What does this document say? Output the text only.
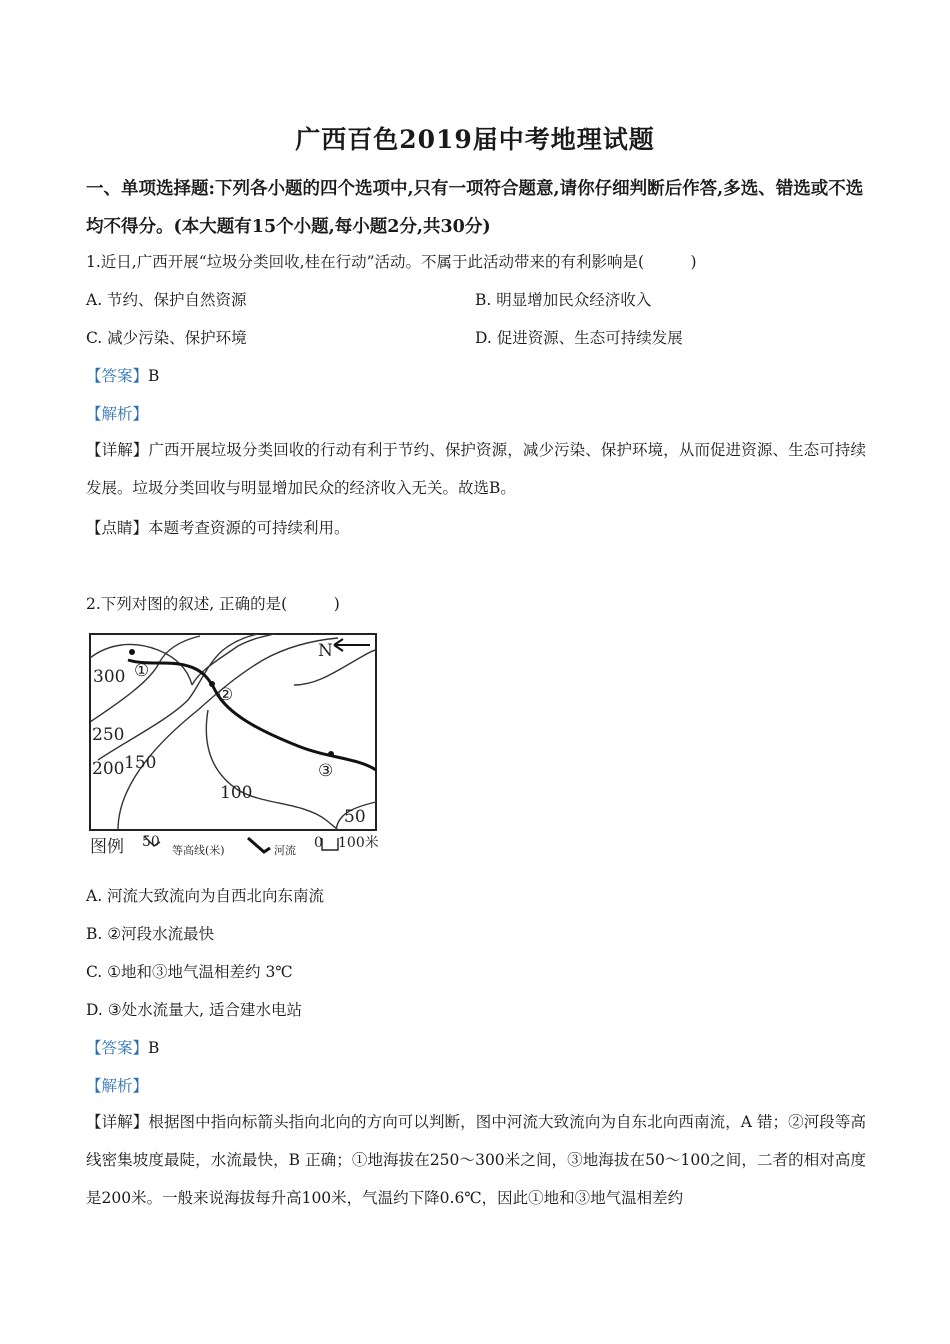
广西百色2019届中考地理试题
一、单项选择题:下列各小题的四个选项中,只有一项符合题意,请你仔细判断后作答,多选、错选或不选均不得分。(本大题有15个小题,每小题2分,共30分)
1.近日,广西开展“垃圾分类回收,桂在行动”活动。不属于此活动带来的有利影响是(　　　)
A. 节约、保护自然资源	B. 明显增加民众经济收入
C. 减少污染、保护环境	D. 促进资源、生态可持续发展
【答案】B
【解析】
【详解】广西开展垃圾分类回收的行动有利于节约、保护资源，减少污染、保护环境，从而促进资源、生态可持续发展。垃圾分类回收与明显增加民众的经济收入无关。故选B。
【点睛】本题考查资源的可持续利用。
2.下列对图的叙述, 正确的是(　　　)
①
②
③
300
250
200 150
100
50
N
图例 50
等高线(米)	河流 0 100米
A. 河流大致流向为自西北向东南流
B. ②河段水流最快
C. ①地和③地气温相差约 3℃
D. ③处水流量大, 适合建水电站
【答案】B
【解析】
【详解】根据图中指向标箭头指向北向的方向可以判断，图中河流大致流向为自东北向西南流，A 错；②河段等高线密集坡度最陡，水流最快，B 正确；①地海拔在250～300米之间，③地海拔在50～100之间，二者的相对高度是200米。一般来说海拔每升高100米，气温约下降0.6℃，因此①地和③地气温相差约
